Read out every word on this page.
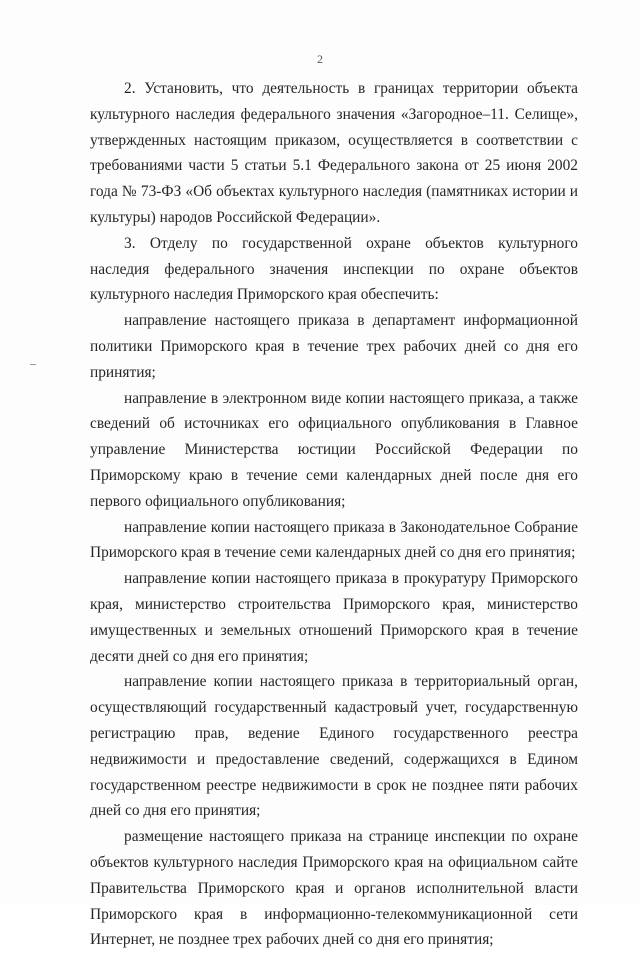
2

2. Установить, что деятельность в границах территории объекта культурного наследия федерального значения «Загородное–11. Селище», утвержденных настоящим приказом, осуществляется в соответствии с требованиями части 5 статьи 5.1 Федерального закона от 25 июня 2002 года № 73-ФЗ «Об объектах культурного наследия (памятниках истории и культуры) народов Российской Федерации».

3. Отделу по государственной охране объектов культурного наследия федерального значения инспекции по охране объектов культурного наследия Приморского края обеспечить:

направление настоящего приказа в департамент информационной политики Приморского края в течение трех рабочих дней со дня его принятия;

направление в электронном виде копии настоящего приказа, а также сведений об источниках его официального опубликования в Главное управление Министерства юстиции Российской Федерации по Приморскому краю в течение семи календарных дней после дня его первого официального опубликования;

направление копии настоящего приказа в Законодательное Собрание Приморского края в течение семи календарных дней со дня его принятия;

направление копии настоящего приказа в прокуратуру Приморского края, министерство строительства Приморского края, министерство имущественных и земельных отношений Приморского края в течение десяти дней со дня его принятия;

направление копии настоящего приказа в территориальный орган, осуществляющий государственный кадастровый учет, государственную регистрацию прав, ведение Единого государственного реестра недвижимости и предоставление сведений, содержащихся в Едином государственном реестре недвижимости в срок не позднее пяти рабочих дней со дня его принятия;

размещение настоящего приказа на странице инспекции по охране объектов культурного наследия Приморского края на официальном сайте Правительства Приморского края и органов исполнительной власти Приморского края в информационно-телекоммуникационной сети Интернет, не позднее трех рабочих дней со дня его принятия;
